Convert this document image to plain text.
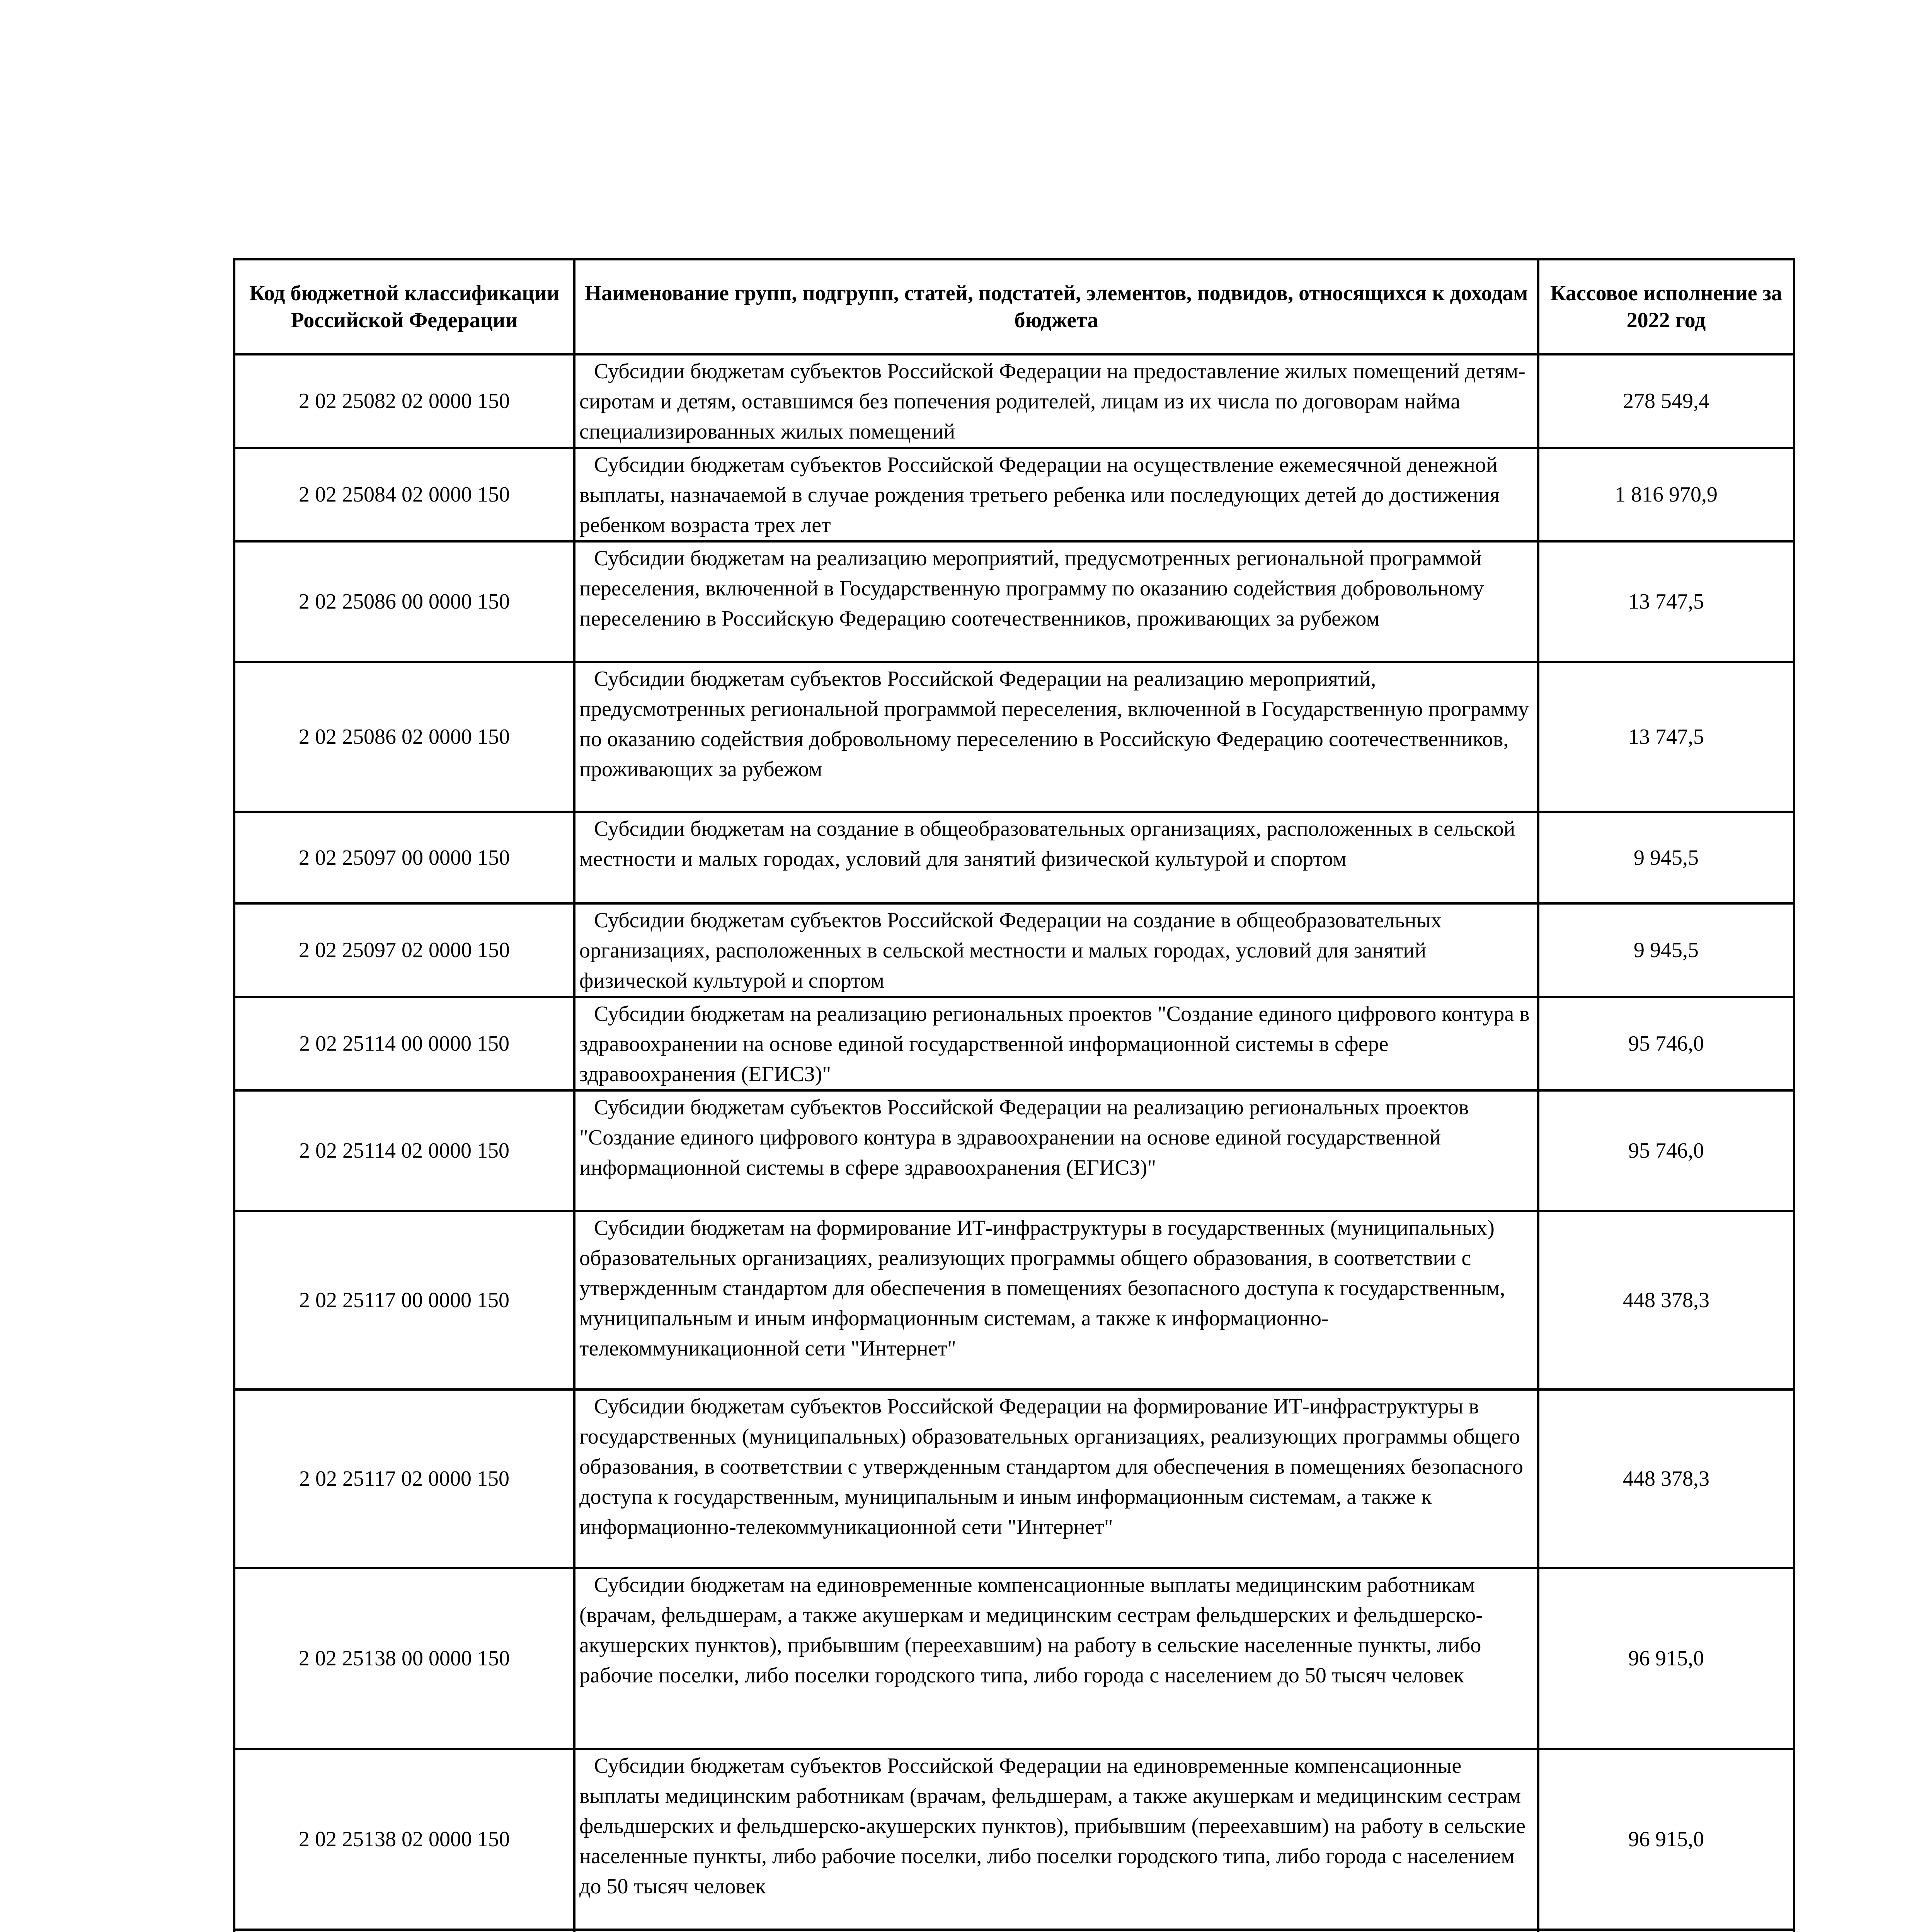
Код бюджетной классификации Российской Федерации	Наименование групп, подгрупп, статей, подстатей, элементов, подвидов, относящихся к доходам бюджета	Кассовое исполнение за 2022 год
2 02 25082 02 0000 150	Субсидии бюджетам субъектов Российской Федерации на предоставление жилых помещений детям-сиротам и детям, оставшимся без попечения родителей, лицам из их числа по договорам найма специализированных жилых помещений	278 549,4
2 02 25084 02 0000 150	Субсидии бюджетам субъектов Российской Федерации на осуществление ежемесячной денежной выплаты, назначаемой в случае рождения третьего ребенка или последующих детей до достижения ребенком возраста трех лет	1 816 970,9
2 02 25086 00 0000 150	Субсидии бюджетам на реализацию мероприятий, предусмотренных региональной программой переселения, включенной в Государственную программу по оказанию содействия добровольному переселению в Российскую Федерацию соотечественников, проживающих за рубежом	13 747,5
2 02 25086 02 0000 150	Субсидии бюджетам субъектов Российской Федерации на реализацию мероприятий, предусмотренных региональной программой переселения, включенной в Государственную программу по оказанию содействия добровольному переселению в Российскую Федерацию соотечественников, проживающих за рубежом	13 747,5
2 02 25097 00 0000 150	Субсидии бюджетам на создание в общеобразовательных организациях, расположенных в сельской местности и малых городах, условий для занятий физической культурой и спортом	9 945,5
2 02 25097 02 0000 150	Субсидии бюджетам субъектов Российской Федерации на создание в общеобразовательных организациях, расположенных в сельской местности и малых городах, условий для занятий физической культурой и спортом	9 945,5
2 02 25114 00 0000 150	Субсидии бюджетам на реализацию региональных проектов "Создание единого цифрового контура в здравоохранении на основе единой государственной информационной системы в сфере здравоохранения (ЕГИСЗ)"	95 746,0
2 02 25114 02 0000 150	Субсидии бюджетам субъектов Российской Федерации на реализацию региональных проектов "Создание единого цифрового контура в здравоохранении на основе единой государственной информационной системы в сфере здравоохранения (ЕГИСЗ)"	95 746,0
2 02 25117 00 0000 150	Субсидии бюджетам на формирование ИТ-инфраструктуры в государственных (муниципальных) образовательных организациях, реализующих программы общего образования, в соответствии с утвержденным стандартом для обеспечения в помещениях безопасного доступа к государственным, муниципальным и иным информационным системам, а также к информационно-телекоммуникационной сети "Интернет"	448 378,3
2 02 25117 02 0000 150	Субсидии бюджетам субъектов Российской Федерации на формирование ИТ-инфраструктуры в государственных (муниципальных) образовательных организациях, реализующих программы общего образования, в соответствии с утвержденным стандартом для обеспечения в помещениях безопасного доступа к государственным, муниципальным и иным информационным системам, а также к информационно-телекоммуникационной сети "Интернет"	448 378,3
2 02 25138 00 0000 150	Субсидии бюджетам на единовременные компенсационные выплаты медицинским работникам (врачам, фельдшерам, а также акушеркам и медицинским сестрам фельдшерских и фельдшерско-акушерских пунктов), прибывшим (переехавшим) на работу в сельские населенные пункты, либо рабочие поселки, либо поселки городского типа, либо города с населением до 50 тысяч человек	96 915,0
2 02 25138 02 0000 150	Субсидии бюджетам субъектов Российской Федерации на единовременные компенсационные выплаты медицинским работникам (врачам, фельдшерам, а также акушеркам и медицинским сестрам фельдшерских и фельдшерско-акушерских пунктов), прибывшим (переехавшим) на работу в сельские населенные пункты, либо рабочие поселки, либо поселки городского типа, либо города с населением до 50 тысяч человек	96 915,0
